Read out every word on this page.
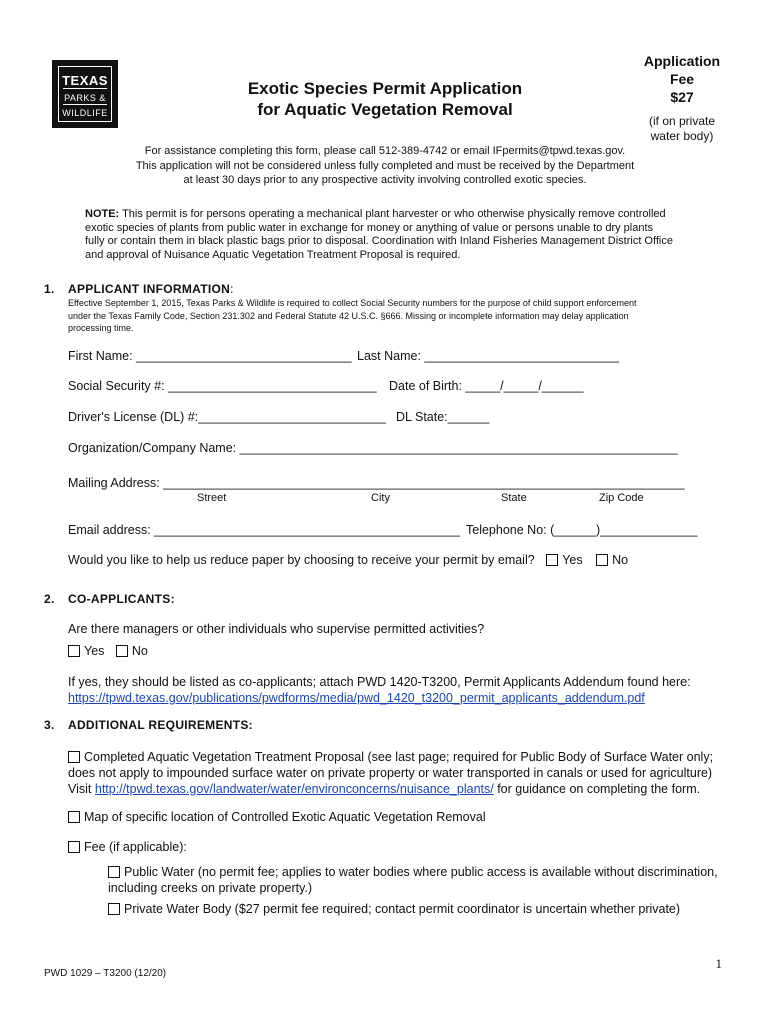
TEXAS
PARKS &
WILDLIFE
Exotic Species Permit Application
for Aquatic Vegetation Removal
Application
Fee
$27
(if on private
water body)
For assistance completing this form, please call 512-389-4742 or email IFpermits@tpwd.texas.gov.
This application will not be considered unless fully completed and must be received by the Department
at least 30 days prior to any prospective activity involving controlled exotic species.
NOTE: This permit is for persons operating a mechanical plant harvester or who otherwise physically remove controlled
exotic species of plants from public water in exchange for money or anything of value or persons unable to dry plants
fully or contain them in black plastic bags prior to disposal. Coordination with Inland Fisheries Management District Office
and approval of Nuisance Aquatic Vegetation Treatment Proposal is required.
1. APPLICANT INFORMATION:
Effective September 1, 2015, Texas Parks & Wildlife is required to collect Social Security numbers for the purpose of child support enforcement
under the Texas Family Code, Section 231.302 and Federal Statute 42 U.S.C. §666. Missing or incomplete information may delay application
processing time.
First Name: _______________________________ Last Name: ____________________________
Social Security #: ______________________________ Date of Birth: _____/_____/______
Driver's License (DL) #:___________________________ DL State:______
Organization/Company Name: _______________________________________________________________
Mailing Address: ___________________________________________________________________________
Street	City	State	Zip Code
Email address: ____________________________________________ Telephone No: (______)______________
Would you like to help us reduce paper by choosing to receive your permit by email? Yes No
2. CO-APPLICANTS:
Are there managers or other individuals who supervise permitted activities?
Yes No
If yes, they should be listed as co-applicants; attach PWD 1420-T3200, Permit Applicants Addendum found here:
https://tpwd.texas.gov/publications/pwdforms/media/pwd_1420_t3200_permit_applicants_addendum.pdf
3. ADDITIONAL REQUIREMENTS:
Completed Aquatic Vegetation Treatment Proposal (see last page; required for Public Body of Surface Water only;
does not apply to impounded surface water on private property or water transported in canals or used for agriculture)
Visit http://tpwd.texas.gov/landwater/water/environconcerns/nuisance_plants/ for guidance on completing the form.
Map of specific location of Controlled Exotic Aquatic Vegetation Removal
Fee (if applicable):
Public Water (no permit fee; applies to water bodies where public access is available without discrimination,
including creeks on private property.)
Private Water Body ($27 permit fee required; contact permit coordinator is uncertain whether private)
1
PWD 1029 – T3200 (12/20)
